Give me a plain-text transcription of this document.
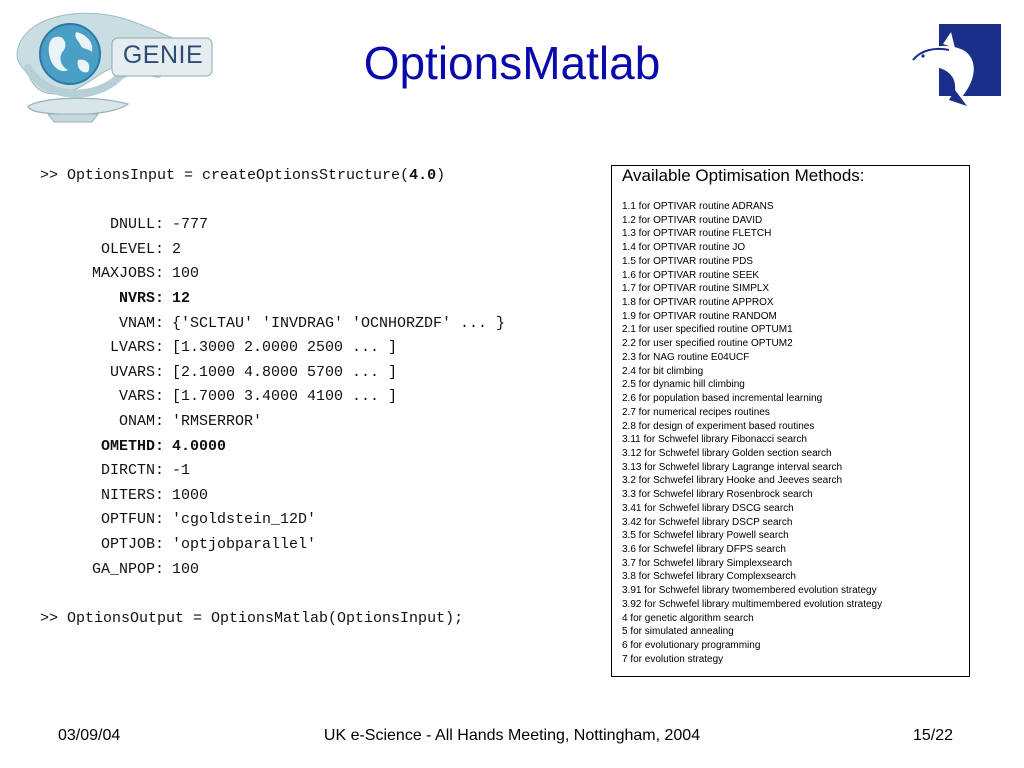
GENIE	OptionsMatlab
>> OptionsInput = createOptionsStructure(4.0)
DNULL: -777
OLEVEL: 2
MAXJOBS: 100
NVRS: 12
VNAM: {'SCLTAU' 'INVDRAG' 'OCNHORZDF' ... }
LVARS: [1.3000 2.0000 2500 ... ]
UVARS: [2.1000 4.8000 5700 ... ]
VARS: [1.7000 3.4000 4100 ... ]
ONAM: 'RMSERROR'
OMETHD: 4.0000
DIRCTN: -1
NITERS: 1000
OPTFUN: 'cgoldstein_12D'
OPTJOB: 'optjobparallel'
GA_NPOP: 100
>> OptionsOutput = OptionsMatlab(OptionsInput);
Available Optimisation Methods:
1.1 for OPTIVAR routine ADRANS
1.2 for OPTIVAR routine DAVID
1.3 for OPTIVAR routine FLETCH
1.4 for OPTIVAR routine JO
1.5 for OPTIVAR routine PDS
1.6 for OPTIVAR routine SEEK
1.7 for OPTIVAR routine SIMPLX
1.8 for OPTIVAR routine APPROX
1.9 for OPTIVAR routine RANDOM
2.1 for user specified routine OPTUM1
2.2 for user specified routine OPTUM2
2.3 for NAG routine E04UCF
2.4 for bit climbing
2.5 for dynamic hill climbing
2.6 for population based incremental learning
2.7 for numerical recipes routines
2.8 for design of experiment based routines
3.11 for Schwefel library Fibonacci search
3.12 for Schwefel library Golden section search
3.13 for Schwefel library Lagrange interval search
3.2 for Schwefel library Hooke and Jeeves search
3.3 for Schwefel library Rosenbrock search
3.41 for Schwefel library DSCG search
3.42 for Schwefel library DSCP search
3.5 for Schwefel library Powell search
3.6 for Schwefel library DFPS search
3.7 for Schwefel library Simplexsearch
3.8 for Schwefel library Complexsearch
3.91 for Schwefel library twomembered evolution strategy
3.92 for Schwefel library multimembered evolution strategy
4 for genetic algorithm search
5 for simulated annealing
6 for evolutionary programming
7 for evolution strategy
03/09/04	UK e-Science - All Hands Meeting, Nottingham, 2004	15/22
